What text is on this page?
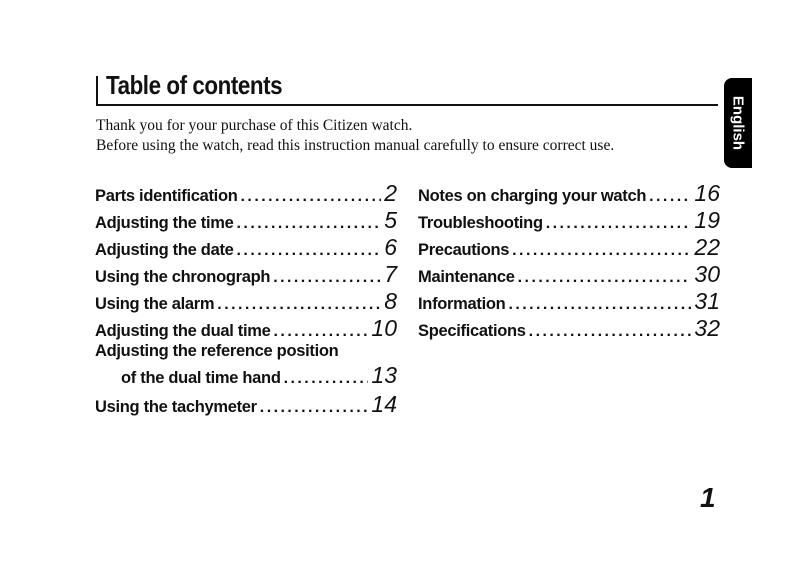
Table of contents
English
Thank you for your purchase of this Citizen watch.
Before using the watch, read this instruction manual carefully to ensure correct use.
Parts identification . . .	2
Adjusting the time . . .	5
Adjusting the date . . .	6
Using the chronograph . . .	7
Using the alarm . . .	8
Adjusting the dual time . . .	10
Adjusting the reference position
of the dual time hand . . .	13
Using the tachymeter . . .	14
Notes on charging your watch . . . 16
Troubleshooting . . .	19
Precautions . . .	22
Maintenance . . .	30
Information . . .	31
Specifications . . .	32
1
